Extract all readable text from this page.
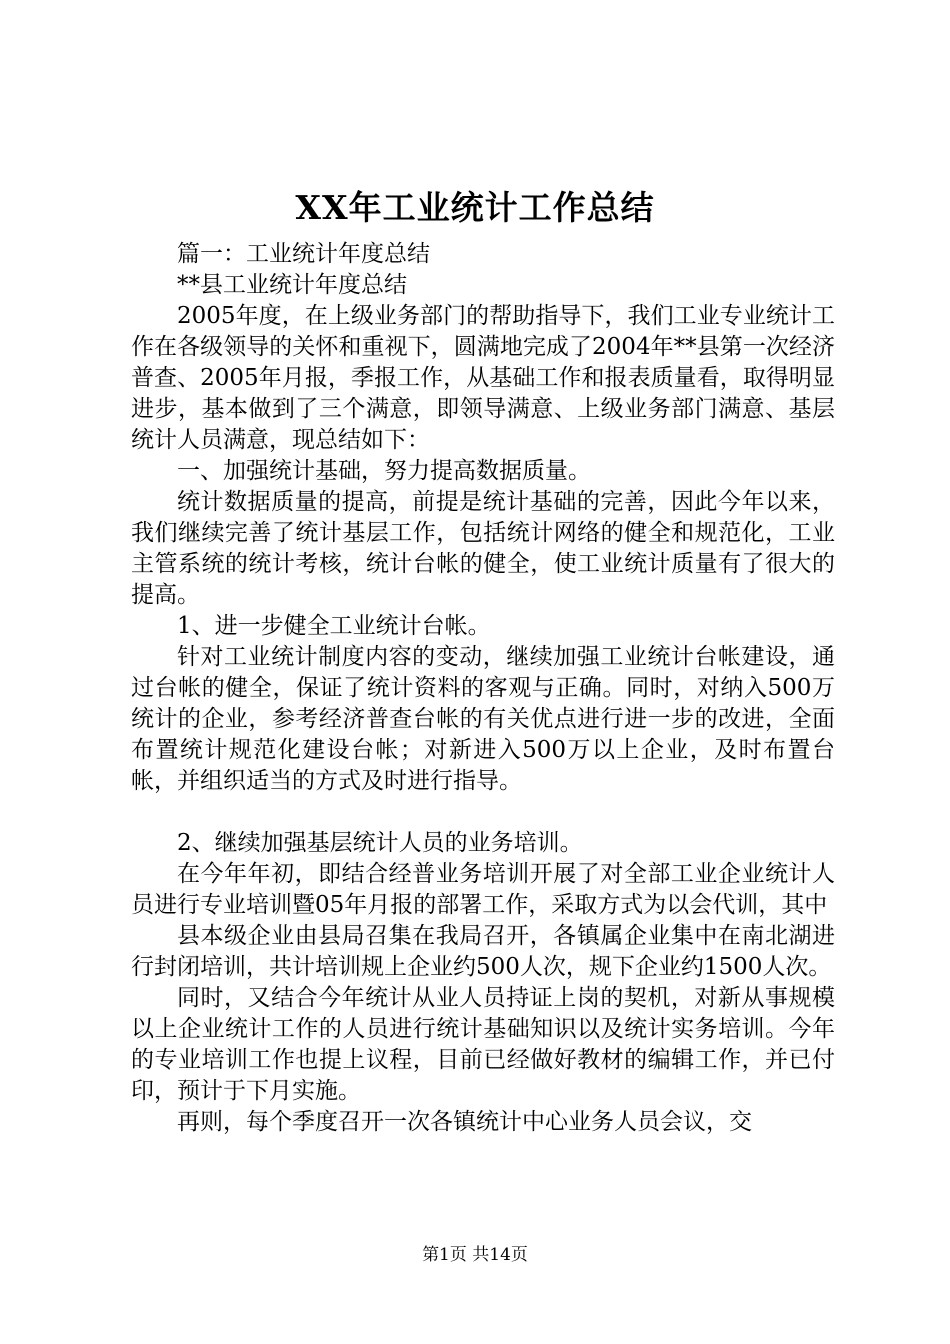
XX年工业统计工作总结

篇一：工业统计年度总结

**县工业统计年度总结

2005年度，在上级业务部门的帮助指导下，我们工业专业统计工作在各级领导的关怀和重视下，圆满地完成了2004年**县第一次经济普查、2005年月报，季报工作，从基础工作和报表质量看，取得明显进步，基本做到了三个满意，即领导满意、上级业务部门满意、基层统计人员满意，现总结如下：

一、加强统计基础，努力提高数据质量。

统计数据质量的提高，前提是统计基础的完善，因此今年以来，我们继续完善了统计基层工作，包括统计网络的健全和规范化，工业主管系统的统计考核，统计台帐的健全，使工业统计质量有了很大的提高。

1、进一步健全工业统计台帐。

针对工业统计制度内容的变动，继续加强工业统计台帐建设，通过台帐的健全，保证了统计资料的客观与正确。同时，对纳入500万统计的企业，参考经济普查台帐的有关优点进行进一步的改进，全面布置统计规范化建设台帐；对新进入500万以上企业，及时布置台帐，并组织适当的方式及时进行指导。

2、继续加强基层统计人员的业务培训。

在今年年初，即结合经普业务培训开展了对全部工业企业统计人员进行专业培训暨05年月报的部署工作，采取方式为以会代训，其中

县本级企业由县局召集在我局召开，各镇属企业集中在南北湖进行封闭培训，共计培训规上企业约500人次，规下企业约1500人次。

同时，又结合今年统计从业人员持证上岗的契机，对新从事规模以上企业统计工作的人员进行统计基础知识以及统计实务培训。今年的专业培训工作也提上议程，目前已经做好教材的编辑工作，并已付印，预计于下月实施。

再则，每个季度召开一次各镇统计中心业务人员会议，交

第1页 共14页
